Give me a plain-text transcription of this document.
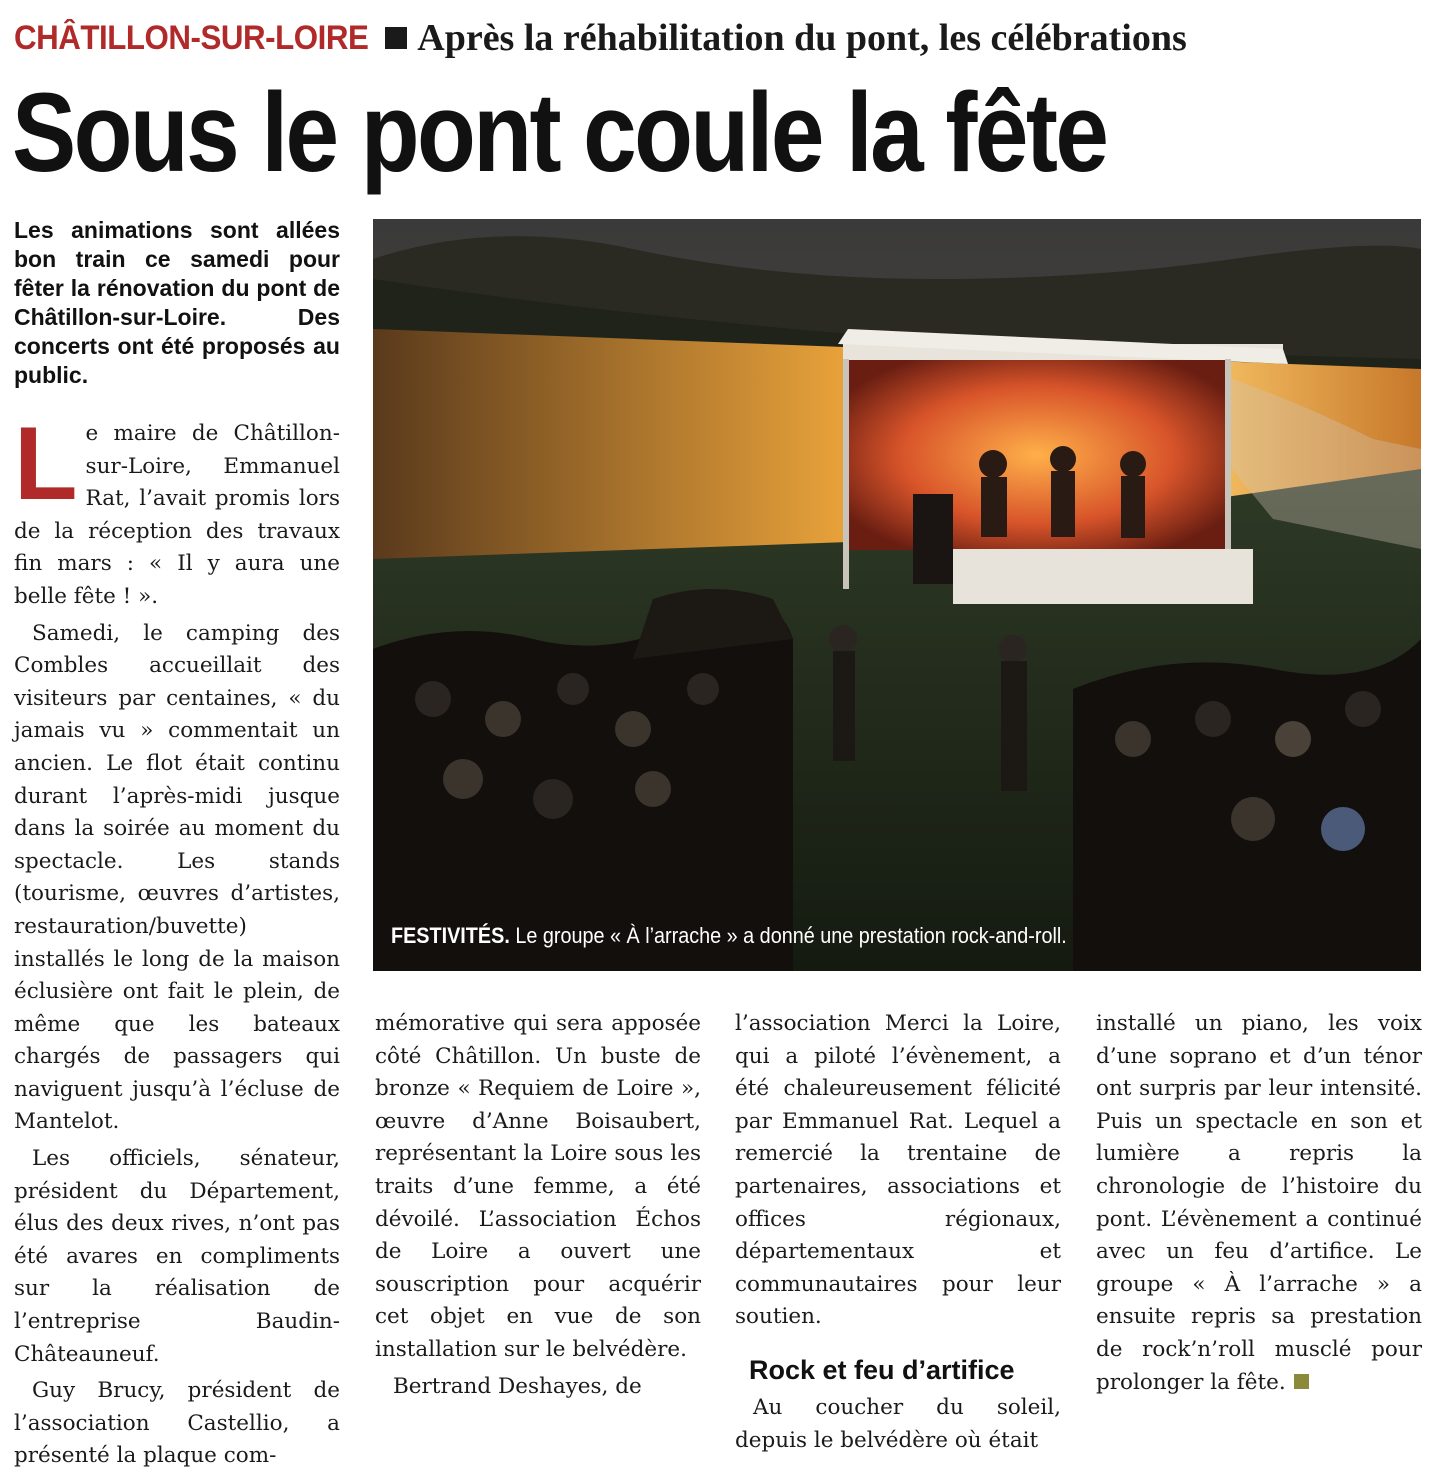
CHÂTILLON-SUR-LOIRE Après la réhabilitation du pont, les célébrations
Sous le pont coule la fête
Les animations sont allées bon train ce samedi pour fêter la rénovation du pont de Châtillon-sur-Loire. Des concerts ont été proposés au public.
FESTIVITÉS. Le groupe « À l’arrache » a donné une prestation rock-and-roll.

Le maire de Châtillon-sur-Loire, Emmanuel Rat, l’avait promis lors de la réception des travaux fin mars : « Il y aura une belle fête ! ».

Samedi, le camping des Combles accueillait des visiteurs par centaines, « du jamais vu » commentait un ancien. Le flot était continu durant l’après-midi jusque dans la soirée au moment du spectacle. Les stands (tourisme, œuvres d’artistes, restauration/buvette) installés le long de la maison éclusière ont fait le plein, de même que les bateaux chargés de passagers qui naviguent jusqu’à l’écluse de Mantelot.

Les officiels, sénateur, président du Département, élus des deux rives, n’ont pas été avares en compliments sur la réalisation de l’entreprise Baudin-Châteauneuf.

Guy Brucy, président de l’association Castellio, a présenté la plaque com-

mémorative qui sera apposée côté Châtillon. Un buste de bronze « Requiem de Loire », œuvre d’Anne Boisaubert, représentant la Loire sous les traits d’une femme, a été dévoilé. L’association Échos de Loire a ouvert une souscription pour acquérir cet objet en vue de son installation sur le belvédère.

Bertrand Deshayes, de

l’association Merci la Loire, qui a piloté l’évènement, a été chaleureusement félicité par Emmanuel Rat. Lequel a remercié la trentaine de partenaires, associations et offices régionaux, départementaux et communautaires pour leur soutien.

Rock et feu d’artifice

Au coucher du soleil, depuis le belvédère où était

installé un piano, les voix d’une soprano et d’un ténor ont surpris par leur intensité. Puis un spectacle en son et lumière a repris la chronologie de l’histoire du pont. L’évènement a continué avec un feu d’artifice. Le groupe « À l’arrache » a ensuite repris sa prestation de rock’n’roll musclé pour prolonger la fête.
